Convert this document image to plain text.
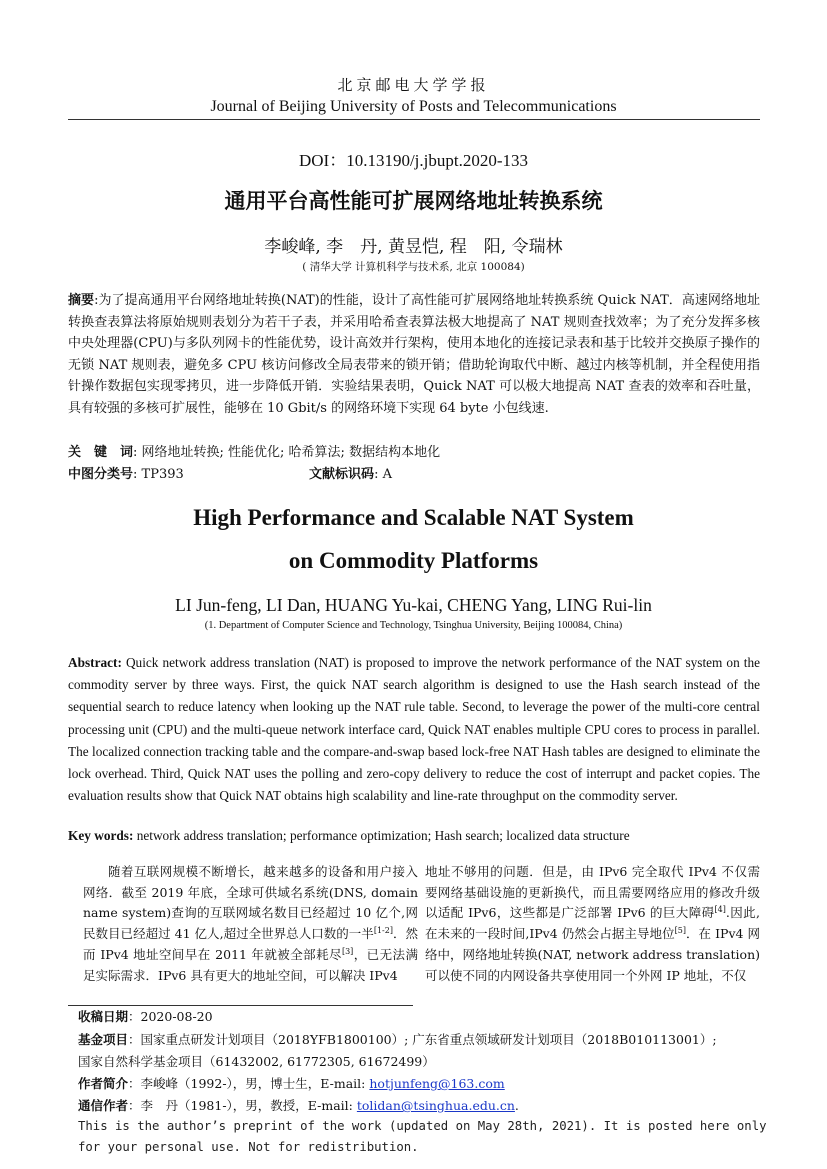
北京邮电大学学报
Journal of Beijing University of Posts and Telecommunications
DOI：10.13190/j.jbupt.2020-133
通用平台高性能可扩展网络地址转换系统
李峻峰, 李　丹, 黄昱恺, 程　阳, 令瑞林
( 清华大学 计算机科学与技术系, 北京 100084)
摘要:为了提高通用平台网络地址转换(NAT)的性能，设计了高性能可扩展网络地址转换系统 Quick NAT．高速网络地址转换查表算法将原始规则表划分为若干子表，并采用哈希查表算法极大地提高了 NAT 规则查找效率；为了充分发挥多核中央处理器(CPU)与多队列网卡的性能优势，设计高效并行架构，使用本地化的连接记录表和基于比较并交换原子操作的无锁 NAT 规则表，避免多 CPU 核访问修改全局表带来的锁开销；借助轮询取代中断、越过内核等机制，并全程使用指针操作数据包实现零拷贝，进一步降低开销．实验结果表明，Quick NAT 可以极大地提高 NAT 查表的效率和吞吐量，具有较强的多核可扩展性，能够在 10 Gbit/s 的网络环境下实现 64 byte 小包线速.
关　键　词: 网络地址转换; 性能优化; 哈希算法; 数据结构本地化
中图分类号: TP393	文献标识码: A
High Performance and Scalable NAT System
on Commodity Platforms
LI Jun-feng, LI Dan, HUANG Yu-kai, CHENG Yang, LING Rui-lin
(1. Department of Computer Science and Technology, Tsinghua University, Beijing 100084, China)
Abstract: Quick network address translation (NAT) is proposed to improve the network performance of the NAT system on the commodity server by three ways. First, the quick NAT search algorithm is designed to use the Hash search instead of the sequential search to reduce latency when looking up the NAT rule table. Second, to leverage the power of the multi-core central processing unit (CPU) and the multi-queue network interface card, Quick NAT enables multiple CPU cores to process in parallel. The localized connection tracking table and the compare-and-swap based lock-free NAT Hash tables are designed to eliminate the lock overhead. Third, Quick NAT uses the polling and zero-copy delivery to reduce the cost of interrupt and packet copies. The evaluation results show that Quick NAT obtains high scalability and line-rate throughput on the commodity server.
Key words: network address translation; performance optimization; Hash search; localized data structure
随着互联网规模不断增长，越来越多的设备和用户接入网络．截至 2019 年底，全球可供域名系统(DNS, domain name system)查询的互联网域名数目已经超过 10 亿个,网民数目已经超过 41 亿人,超过全世界总人口数的一半[1-2]．然而 IPv4 地址空间早在 2011 年就被全部耗尽[3]，已无法满足实际需求．IPv6 具有更大的地址空间，可以解决 IPv4
地址不够用的问题．但是，由 IPv6 完全取代 IPv4 不仅需要网络基础设施的更新换代，而且需要网络应用的修改升级以适配 IPv6，这些都是广泛部署 IPv6 的巨大障碍[4].因此,在未来的一段时间,IPv4 仍然会占据主导地位[5]．在 IPv4 网络中，网络地址转换(NAT, network address translation)可以使不同的内网设备共享使用同一个外网 IP 地址，不仅
收稿日期：2020-08-20
基金项目：国家重点研发计划项目（2018YFB1800100）; 广东省重点领域研发计划项目（2018B010113001）;
国家自然科学基金项目（61432002, 61772305, 61672499）
作者简介：李峻峰（1992-），男，博士生，E-mail: hotjunfeng@163.com
通信作者：李　丹（1981-），男，教授，E-mail: tolidan@tsinghua.edu.cn.
This is the author’s preprint of the work (updated on May 28th, 2021). It is posted here only for your personal use. Not for redistribution.
